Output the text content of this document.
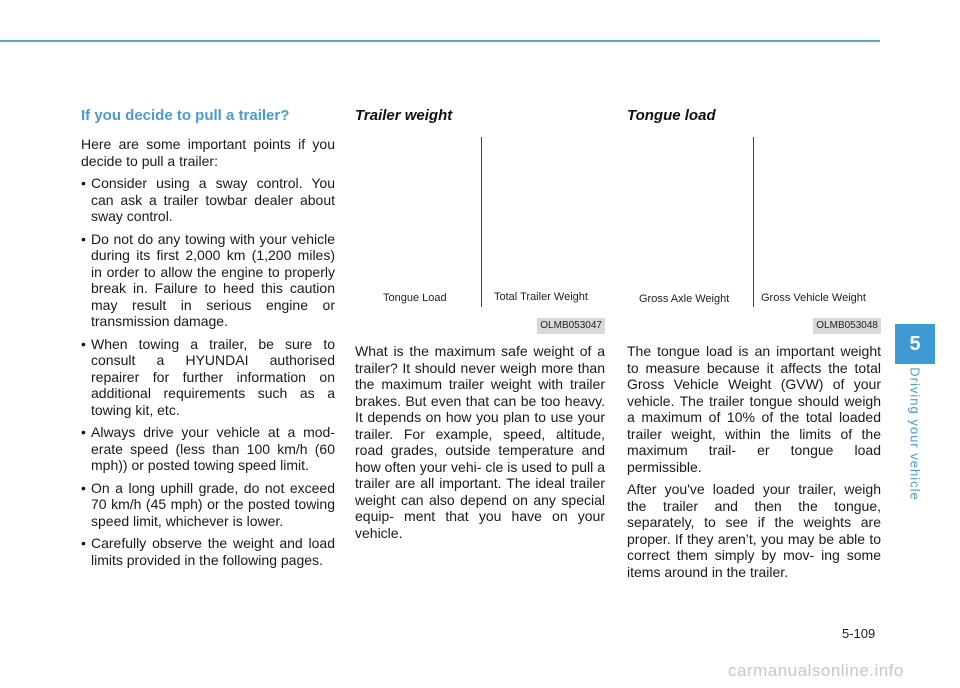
If you decide to pull a trailer?

Here are some important points if you decide to pull a trailer:

• Consider using a sway control. You can ask a trailer towbar dealer about sway control.
• Do not do any towing with your vehicle during its first 2,000 km (1,200 miles) in order to allow the engine to properly break in. Failure to heed this caution may result in serious engine or transmission damage.
• When towing a trailer, be sure to consult a HYUNDAI authorised repairer for further information on additional requirements such as a towing kit, etc.
• Always drive your vehicle at a mod- erate speed (less than 100 km/h (60 mph)) or posted towing speed limit.
• On a long uphill grade, do not exceed 70 km/h (45 mph) or the posted towing speed limit, whichever is lower.
• Carefully observe the weight and load limits provided in the following pages.
Trailer weight
Tongue Load	Total Trailer Weight
OLMB053047

What is the maximum safe weight of a trailer? It should never weigh more than the maximum trailer weight with trailer brakes. But even that can be too heavy. It depends on how you plan to use your trailer. For example, speed, altitude, road grades, outside temperature and how often your vehi- cle is used to pull a trailer are all important. The ideal trailer weight can also depend on any special equip- ment that you have on your vehicle.

Tongue load
Gross Axle Weight	Gross Vehicle Weight
OLMB053048

The tongue load is an important weight to measure because it affects the total Gross Vehicle Weight (GVW) of your vehicle. The trailer tongue should weigh a maximum of 10% of the total loaded trailer weight, within the limits of the maximum trail- er tongue load permissible.

After you've loaded your trailer, weigh the trailer and then the tongue, separately, to see if the weights are proper. If they aren’t, you may be able to correct them simply by mov- ing some items around in the trailer.

5
Driving your vehicle
5-109
carmanualsonline.info
